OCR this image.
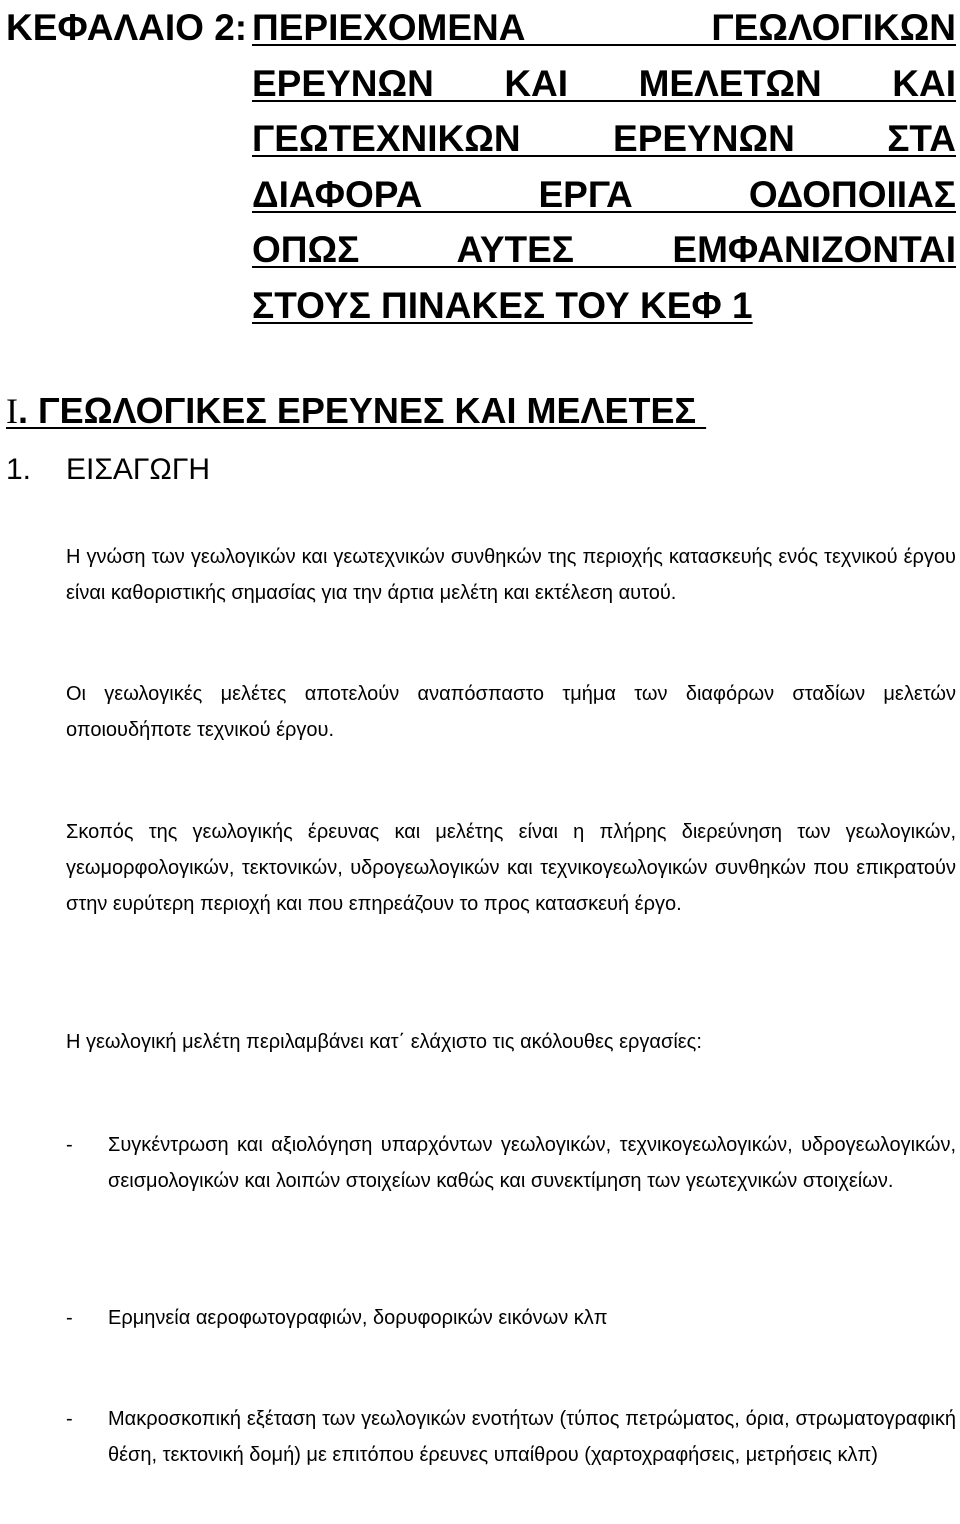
ΚΕΦΑΛΑΙΟ 2: ΠΕΡΙΕΧΟΜΕΝΑ ΓΕΩΛΟΓΙΚΩΝ
ΕΡΕΥΝΩΝ ΚΑΙ ΜΕΛΕΤΩΝ ΚΑΙ
ΓΕΩΤΕΧΝΙΚΩΝ ΕΡΕΥΝΩΝ ΣΤΑ
ΔΙΑΦΟΡΑ ΕΡΓΑ ΟΔΟΠΟΙΙΑΣ
ΟΠΩΣ ΑΥΤΕΣ ΕΜΦΑΝΙΖΟΝΤΑΙ
ΣΤΟΥΣ ΠΙΝΑΚΕΣ ΤΟΥ ΚΕΦ 1
Ι. ΓΕΩΛΟΓΙΚΕΣ ΕΡΕΥΝΕΣ ΚΑΙ ΜΕΛΕΤΕΣ
1. ΕΙΣΑΓΩΓΗ

Η γνώση των γεωλογικών και γεωτεχνικών συνθηκών της περιοχής κατασκευής ενός τεχνικού έργου είναι καθοριστικής σημασίας για την άρτια μελέτη και εκτέλεση αυτού.

Οι γεωλογικές μελέτες αποτελούν αναπόσπαστο τμήμα των διαφόρων σταδίων μελετών οποιουδήποτε τεχνικού έργου.

Σκοπός της γεωλογικής έρευνας και μελέτης είναι η πλήρης διερεύνηση των γεωλογικών, γεωμορφολογικών, τεκτονικών, υδρογεωλογικών και τεχνικογεωλογικών συνθηκών που επικρατούν στην ευρύτερη περιοχή και που επηρεάζουν το προς κατασκευή έργο.

Η γεωλογική μελέτη περιλαμβάνει κατ΄ ελάχιστο τις ακόλουθες εργασίες:

-	Συγκέντρωση και αξιολόγηση υπαρχόντων γεωλογικών, τεχνικογεωλογικών, υδρογεωλογικών, σεισμολογικών και λοιπών στοιχείων καθώς και συνεκτίμηση των γεωτεχνικών στοιχείων.
-	Ερμηνεία αεροφωτογραφιών, δορυφορικών εικόνων κλπ
-	Μακροσκοπική εξέταση των γεωλογικών ενοτήτων (τύπος πετρώματος, όρια, στρωματογραφική θέση, τεκτονική δομή) με επιτόπου έρευνες υπαίθρου (χαρτοχραφήσεις, μετρήσεις κλπ)
